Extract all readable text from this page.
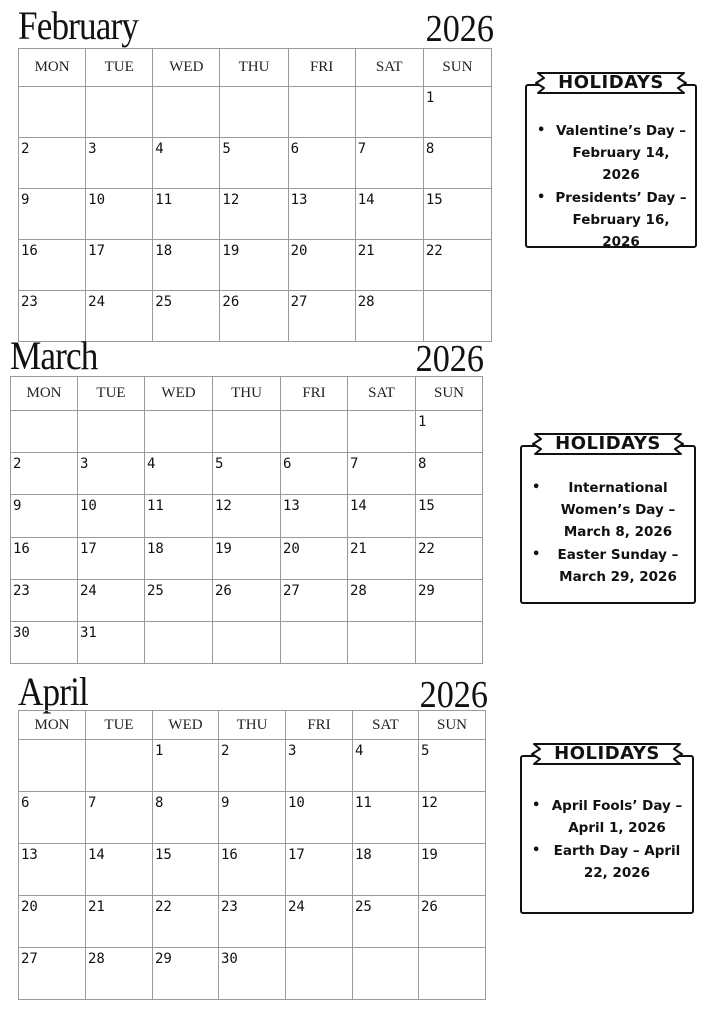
February	2026
MON	TUE	WED	THU	FRI	SAT	SUN

						1

2	3	4	5	6	7	8

9	10	11	12	13	14	15

16	17	18	19	20	21	22

23	24	25	26	27	28	

HOLIDAYS
• Valentine’s Day – February 14, 2026
• Presidents’ Day – February 16, 2026
March	2026
MON	TUE	WED	THU	FRI	SAT	SUN

						1

2	3	4	5	6	7	8

9	10	11	12	13	14	15

16	17	18	19	20	21	22

23	24	25	26	27	28	29

30	31					

HOLIDAYS
• International Women’s Day – March 8, 2026
• Easter Sunday – March 29, 2026
April	2026
MON	TUE	WED	THU	FRI	SAT	SUN

		1	2	3	4	5

6	7	8	9	10	11	12

13	14	15	16	17	18	19

20	21	22	23	24	25	26

27	28	29	30			

HOLIDAYS
• April Fools’ Day – April 1, 2026
• Earth Day – April 22, 2026
